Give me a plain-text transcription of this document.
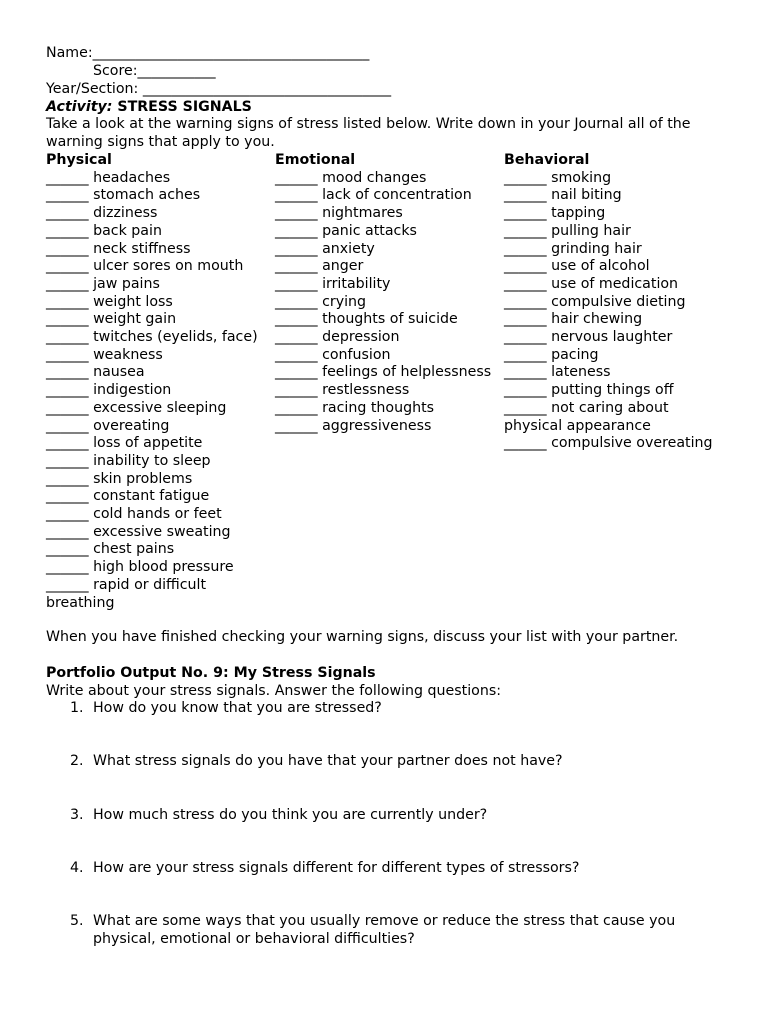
Name:_______________________________________
Score:___________
Year/Section: ___________________________________
Activity: STRESS SIGNALS
Take a look at the warning signs of stress listed below. Write down in your Journal all of the warning signs that apply to you.
Physical
______ headaches
______ stomach aches
______ dizziness
______ back pain
______ neck stiffness
______ ulcer sores on mouth
______ jaw pains
______ weight loss
______ weight gain
______ twitches (eyelids, face)
______ weakness
______ nausea
______ indigestion
______ excessive sleeping
______ overeating
______ loss of appetite
______ inability to sleep
______ skin problems
______ constant fatigue
______ cold hands or feet
______ excessive sweating
______ chest pains
______ high blood pressure
______ rapid or difficult breathing
Emotional
______ mood changes
______ lack of concentration
______ nightmares
______ panic attacks
______ anxiety
______ anger
______ irritability
______ crying
______ thoughts of suicide
______ depression
______ confusion
______ feelings of helplessness
______ restlessness
______ racing thoughts
______ aggressiveness
Behavioral
______ smoking
______ nail biting
______ tapping
______ pulling hair
______ grinding hair
______ use of alcohol
______ use of medication
______ compulsive dieting
______ hair chewing
______ nervous laughter
______ pacing
______ lateness
______ putting things off
______ not caring about physical appearance
______ compulsive overeating
When you have finished checking your warning signs, discuss your list with your partner.
Portfolio Output No. 9: My Stress Signals
Write about your stress signals. Answer the following questions:
1. How do you know that you are stressed?
2. What stress signals do you have that your partner does not have?
3. How much stress do you think you are currently under?
4. How are your stress signals different for different types of stressors?
5. What are some ways that you usually remove or reduce the stress that cause you physical, emotional or behavioral difficulties?
